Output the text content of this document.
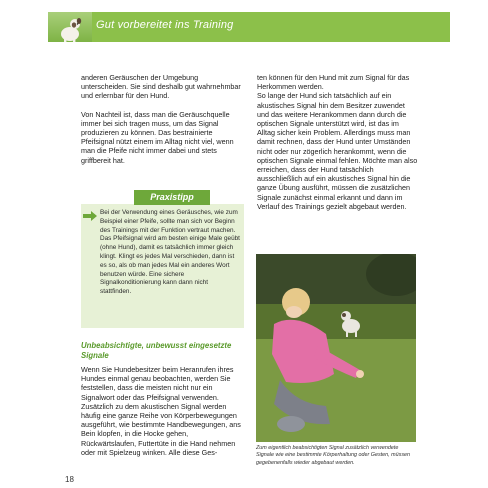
Gut vorbereitet ins Training

anderen Geräuschen der Umgebung unterscheiden. Sie sind deshalb gut wahrnehmbar und erlernbar für den Hund.

Von Nachteil ist, dass man die Geräuschquelle immer bei sich tragen muss, um das Signal produzieren zu können. Das bestrainierte Pfeifsignal nützt einem im Alltag nicht viel, wenn man die Pfeife nicht immer dabei und stets griffbereit hat.

Praxistipp
Bei der Verwendung eines Geräusches, wie zum Beispiel einer Pfeife, sollte man sich vor Beginn des Trainings mit der Funktion vertraut machen. Das Pfeifsignal wird am besten einige Male geübt (ohne Hund), damit es tatsächlich immer gleich klingt. Klingt es jedes Mal verschieden, dann ist es so, als ob man jedes Mal ein anderes Wort benutzen würde. Eine sichere Signalkonditionierung kann dann nicht stattfinden.
Unbeabsichtigte, unbewusst eingesetzte Signale

Wenn Sie Hundebesitzer beim Heranrufen ihres Hundes einmal genau beobachten, werden Sie feststellen, dass die meisten nicht nur ein Signalwort oder das Pfeifsignal verwenden. Zusätzlich zu dem akustischen Signal werden häufig eine ganze Reihe von Körperbewegungen ausgeführt, wie bestimmte Handbewegungen, ans Bein klopfen, in die Hocke gehen, Rückwärtslaufen, Futtertüte in die Hand nehmen oder mit Spielzeug winken. Alle diese Ges-

ten können für den Hund mit zum Signal für das Herkommen werden.

So lange der Hund sich tatsächlich auf ein akustisches Signal hin dem Besitzer zuwendet und das weitere Herankommen dann durch die optischen Signale unterstützt wird, ist das im Alltag sicher kein Problem. Allerdings muss man damit rechnen, dass der Hund unter Umständen nicht oder nur zögerlich herankommt, wenn die optischen Signale einmal fehlen. Möchte man also erreichen, dass der Hund tatsächlich ausschließlich auf ein akustisches Signal hin die ganze Übung ausführt, müssen die zusätzlichen Signale zunächst einmal erkannt und dann im Verlauf des Trainings gezielt abgebaut werden.

Zum eigentlich beabsichtigten Signal zusätzlich verwendete Signale wie eine bestimmte Körperhaltung oder Gesten, müssen gegebenenfalls wieder abgebaut werden.
18
